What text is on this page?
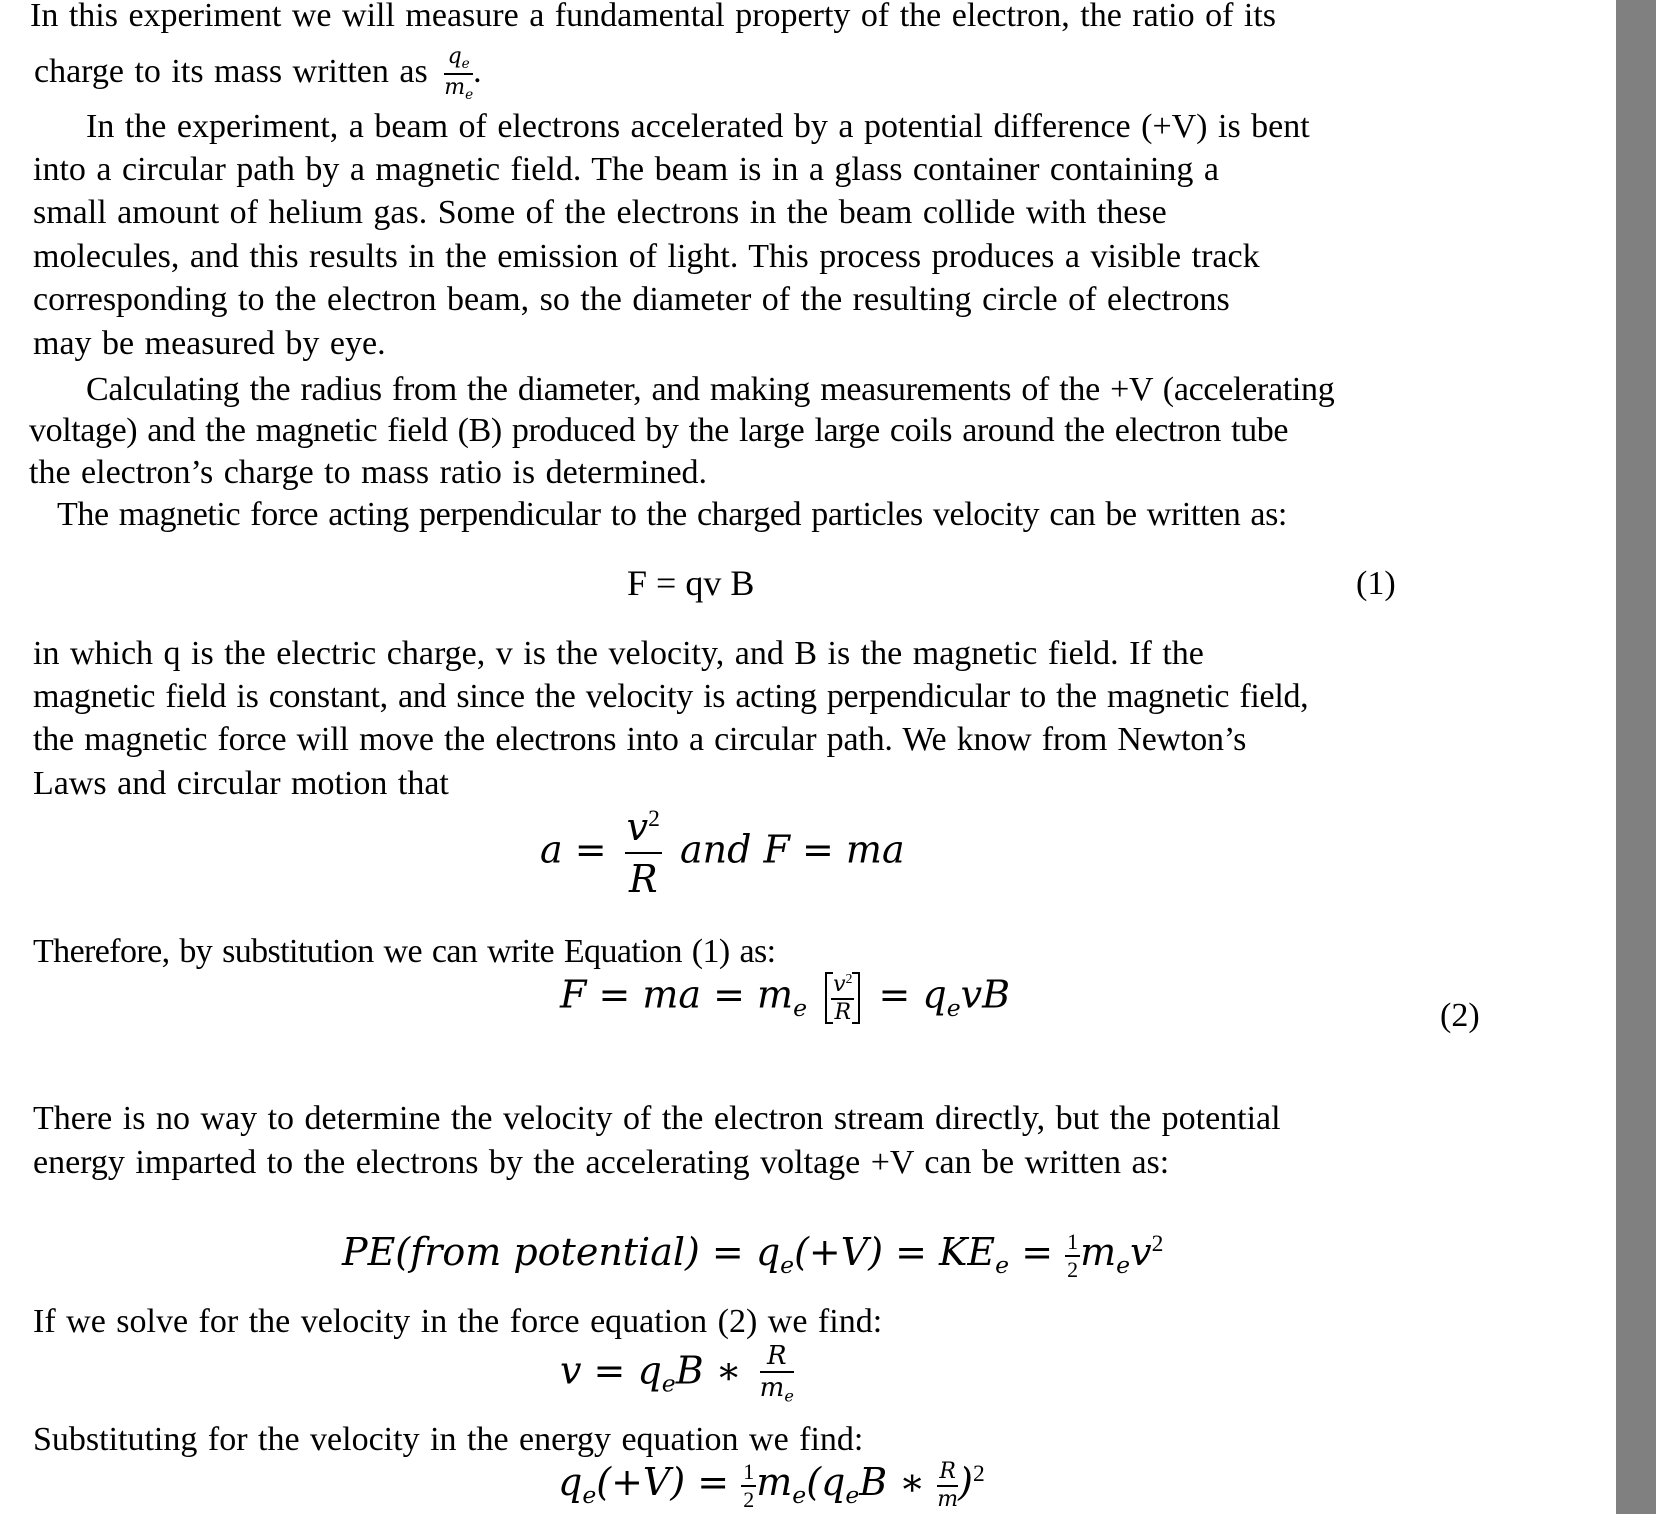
In this experiment we will measure a fundamental property of the electron, the ratio of its
charge to its mass written as $\frac{q_e}{m_e}$ .
In the experiment, a beam of electrons accelerated by a potential difference (+V) is bent
into a circular path by a magnetic field. The beam is in a glass container containing a
small amount of helium gas. Some of the electrons in the beam collide with these
molecules, and this results in the emission of light. This process produces a visible track
corresponding to the electron beam, so the diameter of the resulting circle of electrons
may be measured by eye.
Calculating the radius from the diameter, and making measurements of the +V (accelerating
voltage) and the magnetic field (B) produced by the large large coils around the electron tube
the electron’s charge to mass ratio is determined.
The magnetic force acting perpendicular to the charged particles velocity can be written as:
F = qv B	(1)
in which q is the electric charge, v is the velocity, and B is the magnetic field. If the
magnetic field is constant, and since the velocity is acting perpendicular to the magnetic field,
the magnetic force will move the electrons into a circular path. We know from Newton’s
Laws and circular motion that
$a = \frac{v^2}{R}$ and F = ma
Therefore, by substitution we can write Equation (1) as:
F = ma = $m_e \frac{v^2}{R} = q_evB$	(2)
There is no way to determine the velocity of the electron stream directly, but the potential
energy imparted to the electrons by the accelerating voltage +V can be written as:
PE(from potential) = $q_e(+V) = KE_e = \frac{1}{2} m_ev^2$
If we solve for the velocity in the force equation (2) we find:
$v = q_eB$ ∗ $\frac{R}{m_e}$
Substituting for the velocity in the energy equation we find:
$q_e(+V) = \frac{1}{2} m_e(q_eB$ ∗ $\frac{R}{m} )^2$
